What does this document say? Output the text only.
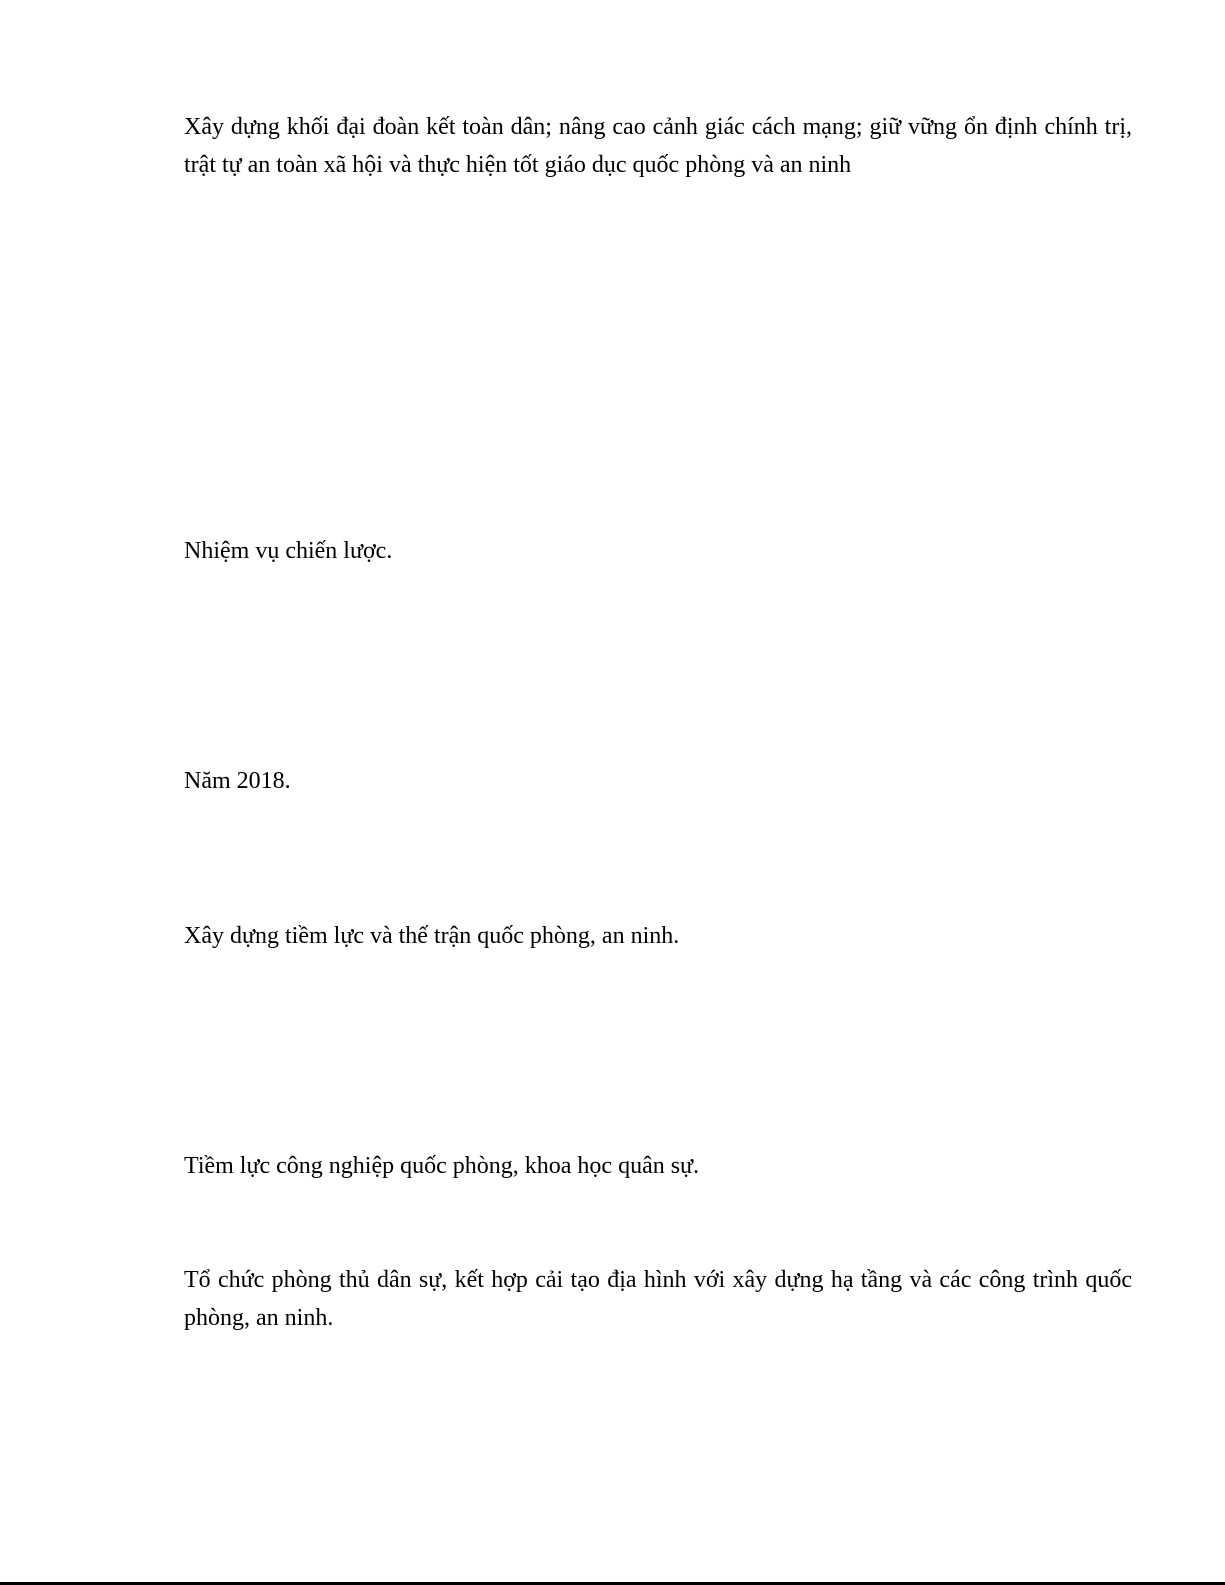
Xây dựng khối đại đoàn kết toàn dân; nâng cao cảnh giác cách mạng; giữ vững ổn định chính trị, trật tự an toàn xã hội và thực hiện tốt giáo dục quốc phòng và an ninh

Nhiệm vụ chiến lược.

Năm 2018.

Xây dựng tiềm lực và thế trận quốc phòng, an ninh.

Tiềm lực công nghiệp quốc phòng, khoa học quân sự.

Tổ chức phòng thủ dân sự, kết hợp cải tạo địa hình với xây dựng hạ tầng và các công trình quốc phòng, an ninh.
